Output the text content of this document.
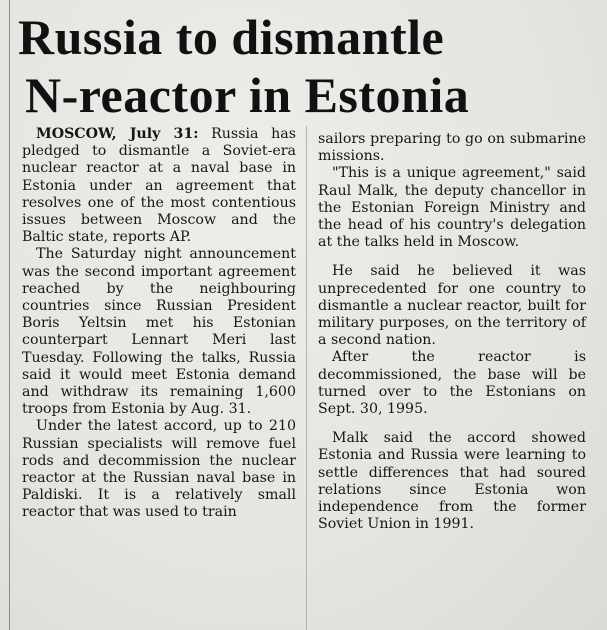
Russia to dismantle
N-reactor in Estonia

MOSCOW, July 31: Russia has pledged to dismantle a Soviet-era nuclear reactor at a naval base in Estonia under an agreement that resolves one of the most contentious issues between Moscow and the Baltic state, reports AP.

The Saturday night announcement was the second important agreement reached by the neighbouring countries since Russian President Boris Yeltsin met his Estonian counterpart Lennart Meri last Tuesday. Following the talks, Russia said it would meet Estonia demand and withdraw its remaining 1,600 troops from Estonia by Aug. 31.

Under the latest accord, up to 210 Russian specialists will remove fuel rods and decommission the nuclear reactor at the Russian naval base in Paldiski. It is a relatively small reactor that was used to train

sailors preparing to go on submarine missions.

"This is a unique agreement," said Raul Malk, the deputy chancellor in the Estonian Foreign Ministry and the head of his country's delegation at the talks held in Moscow.

He said he believed it was unprecedented for one country to dismantle a nuclear reactor, built for military purposes, on the territory of a second nation.

After the reactor is decommissioned, the base will be turned over to the Estonians on Sept. 30, 1995.

Malk said the accord showed Estonia and Russia were learning to settle differences that had soured relations since Estonia won independence from the former Soviet Union in 1991.
